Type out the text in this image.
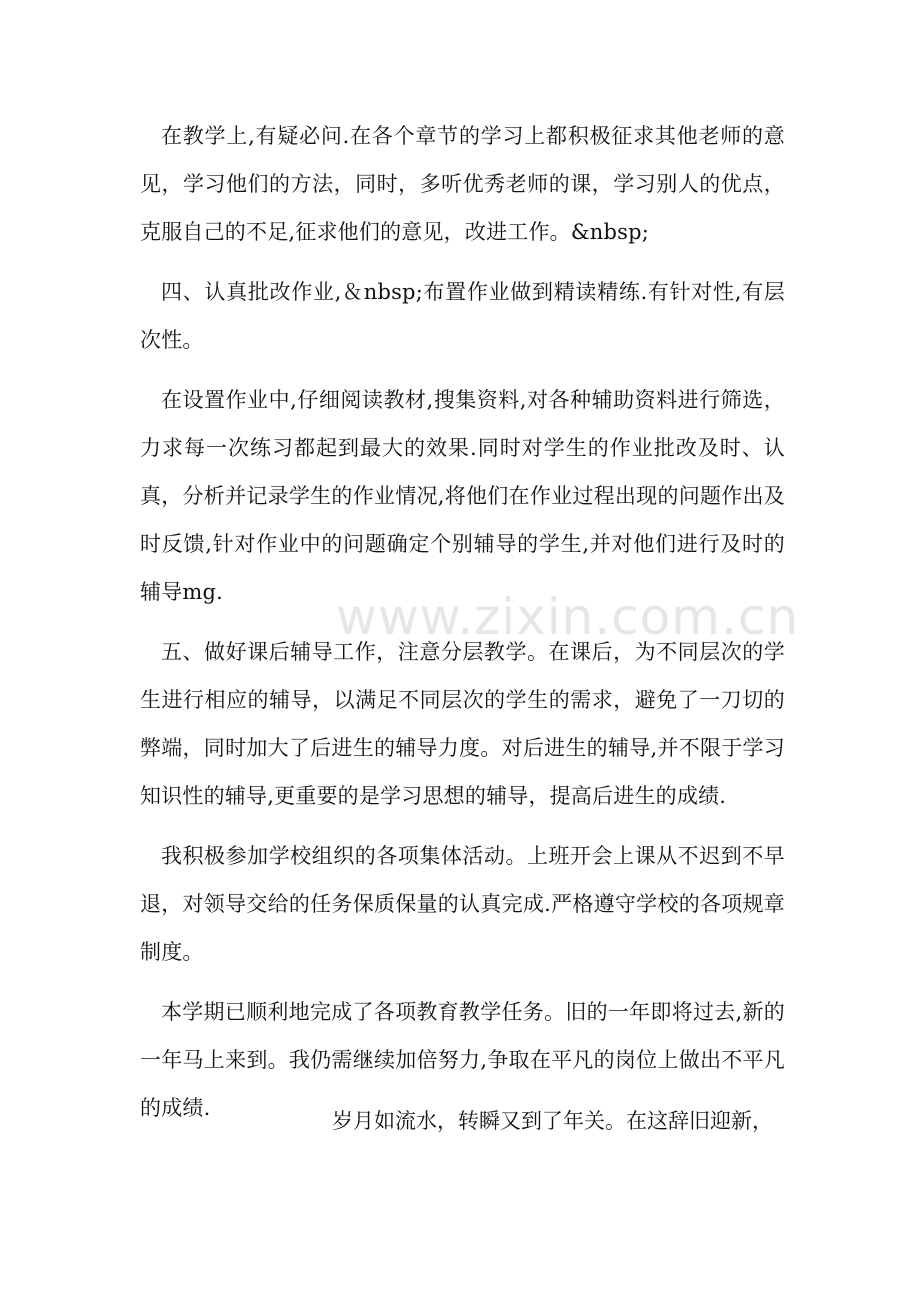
www.zixin.com.cn

在教学上,有疑必问.在各个章节的学习上都积极征求其他老师的意见，学习他们的方法，同时，多听优秀老师的课，学习别人的优点，克服自己的不足,征求他们的意见，改进工作。&nbsp;

四、认真批改作业,＆nbsp;布置作业做到精读精练.有针对性,有层次性。

在设置作业中,仔细阅读教材,搜集资料,对各种辅助资料进行筛选，力求每一次练习都起到最大的效果.同时对学生的作业批改及时、认真，分析并记录学生的作业情况,将他们在作业过程出现的问题作出及时反馈,针对作业中的问题确定个别辅导的学生,并对他们进行及时的辅导mg.

五、做好课后辅导工作，注意分层教学。在课后，为不同层次的学生进行相应的辅导，以满足不同层次的学生的需求，避免了一刀切的弊端，同时加大了后进生的辅导力度。对后进生的辅导,并不限于学习知识性的辅导,更重要的是学习思想的辅导，提高后进生的成绩.

我积极参加学校组织的各项集体活动。上班开会上课从不迟到不早退，对领导交给的任务保质保量的认真完成.严格遵守学校的各项规章制度。

本学期已顺利地完成了各项教育教学任务。旧的一年即将过去,新的一年马上来到。我仍需继续加倍努力,争取在平凡的岗位上做出不平凡的成绩.

岁月如流水，转瞬又到了年关。在这辞旧迎新，
